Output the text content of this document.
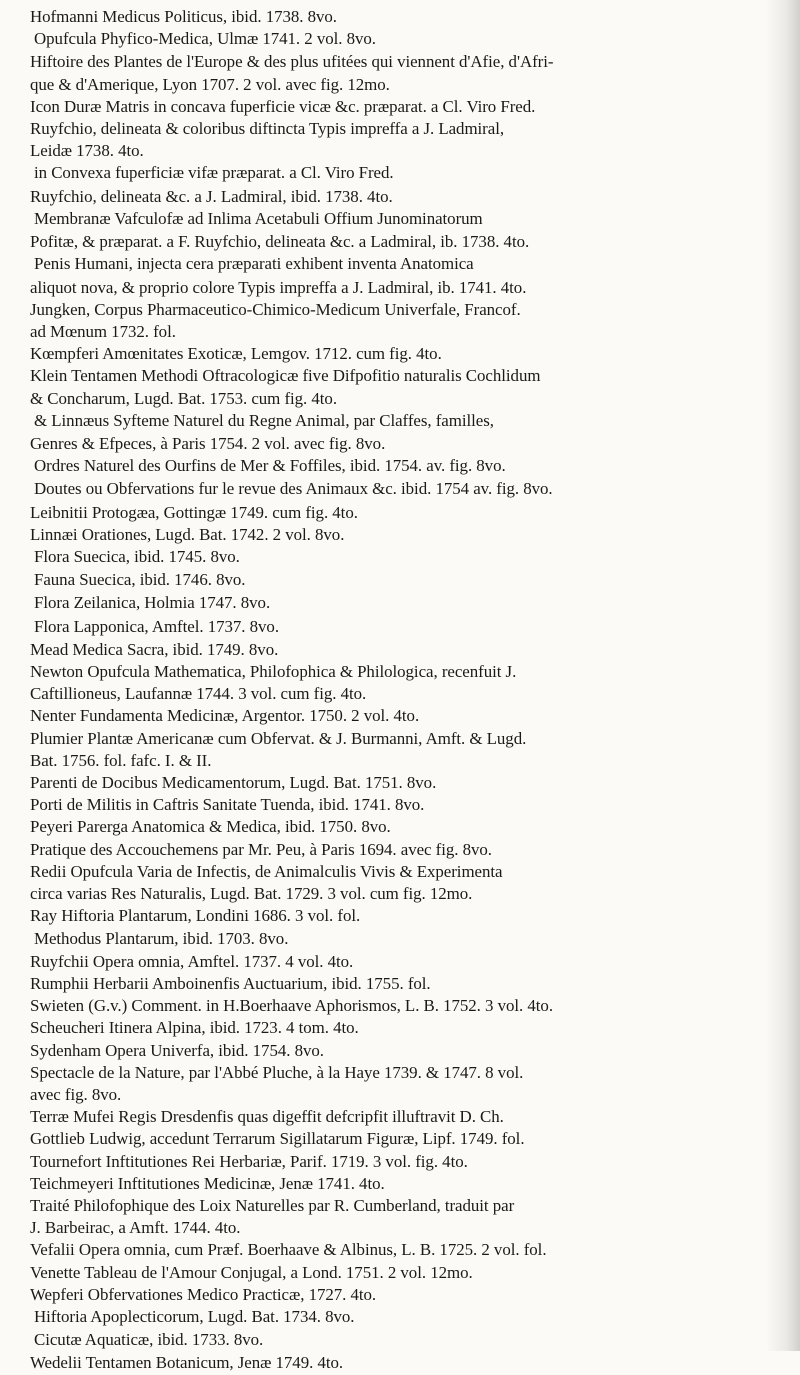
Hofmanni Medicus Politicus, ibid. 1738. 8vo.

Opufcula Phyfico-Medica, Ulmæ 1741. 2 vol. 8vo.

Hiftoire des Plantes de l'Europe & des plus ufitées qui viennent d'Afie, d'Afri-

que & d'Amerique, Lyon 1707. 2 vol. avec fig. 12mo.

Icon Duræ Matris in concava fuperficie vicæ &c. præparat. a Cl. Viro Fred.

Ruyfchio, delineata & coloribus diftincta Typis impreffa a J. Ladmiral,

Leidæ 1738. 4to.

in Convexa fuperficiæ vifæ præparat. a Cl. Viro Fred.

Ruyfchio, delineata &c. a J. Ladmiral, ibid. 1738. 4to.

Membranæ Vafculofæ ad Inlima Acetabuli Offium Junominatorum

Pofitæ, & præparat. a F. Ruyfchio, delineata &c. a Ladmiral, ib. 1738. 4to.

Penis Humani, injecta cera præparati exhibent inventa Anatomica

aliquot nova, & proprio colore Typis impreffa a J. Ladmiral, ib. 1741. 4to.

Jungken, Corpus Pharmaceutico-Chimico-Medicum Univerfale, Francof.

ad Mœnum 1732. fol.

Kœmpferi Amœnitates Exoticæ, Lemgov. 1712. cum fig. 4to.

Klein Tentamen Methodi Oftracologicæ five Difpofitio naturalis Cochlidum

& Concharum, Lugd. Bat. 1753. cum fig. 4to.

& Linnæus Syfteme Naturel du Regne Animal, par Claffes, familles,

Genres & Efpeces, à Paris 1754. 2 vol. avec fig. 8vo.

Ordres Naturel des Ourfins de Mer & Foffiles, ibid. 1754. av. fig. 8vo.

Doutes ou Obfervations fur le revue des Animaux &c. ibid. 1754 av. fig. 8vo.

Leibnitii Protogæa, Gottingæ 1749. cum fig. 4to.

Linnæi Orationes, Lugd. Bat. 1742. 2 vol. 8vo.

Flora Suecica, ibid. 1745. 8vo.

Fauna Suecica, ibid. 1746. 8vo.

Flora Zeilanica, Holmia 1747. 8vo.

Flora Lapponica, Amftel. 1737. 8vo.

Mead Medica Sacra, ibid. 1749. 8vo.

Newton Opufcula Mathematica, Philofophica & Philologica, recenfuit J.

Caftillioneus, Laufannæ 1744. 3 vol. cum fig. 4to.

Nenter Fundamenta Medicinæ, Argentor. 1750. 2 vol. 4to.

Plumier Plantæ Americanæ cum Obfervat. & J. Burmanni, Amft. & Lugd.

Bat. 1756. fol. fafc. I. & II.

Parenti de Docibus Medicamentorum, Lugd. Bat. 1751. 8vo.

Porti de Militis in Caftris Sanitate Tuenda, ibid. 1741. 8vo.

Peyeri Parerga Anatomica & Medica, ibid. 1750. 8vo.

Pratique des Accouchemens par Mr. Peu, à Paris 1694. avec fig. 8vo.

Redii Opufcula Varia de Infectis, de Animalculis Vivis & Experimenta

circa varias Res Naturalis, Lugd. Bat. 1729. 3 vol. cum fig. 12mo.

Ray Hiftoria Plantarum, Londini 1686. 3 vol. fol.

Methodus Plantarum, ibid. 1703. 8vo.

Ruyfchii Opera omnia, Amftel. 1737. 4 vol. 4to.

Rumphii Herbarii Amboinenfis Auctuarium, ibid. 1755. fol.

Swieten (G.v.) Comment. in H.Boerhaave Aphorismos, L. B. 1752. 3 vol. 4to.

Scheucheri Itinera Alpina, ibid. 1723. 4 tom. 4to.

Sydenham Opera Univerfa, ibid. 1754. 8vo.

Spectacle de la Nature, par l'Abbé Pluche, à la Haye 1739. & 1747. 8 vol.

avec fig. 8vo.

Terræ Mufei Regis Dresdenfis quas digeffit defcripfit illuftravit D. Ch.

Gottlieb Ludwig, accedunt Terrarum Sigillatarum Figuræ, Lipf. 1749. fol.

Tournefort Inftitutiones Rei Herbariæ, Parif. 1719. 3 vol. fig. 4to.

Teichmeyeri Inftitutiones Medicinæ, Jenæ 1741. 4to.

Traité Philofophique des Loix Naturelles par R. Cumberland, traduit par

J. Barbeirac, a Amft. 1744. 4to.

Vefalii Opera omnia, cum Præf. Boerhaave & Albinus, L. B. 1725. 2 vol. fol.

Venette Tableau de l'Amour Conjugal, a Lond. 1751. 2 vol. 12mo.

Wepferi Obfervationes Medico Practicæ, 1727. 4to.

Hiftoria Apoplecticorum, Lugd. Bat. 1734. 8vo.

Cicutæ Aquaticæ, ibid. 1733. 8vo.

Wedelii Tentamen Botanicum, Jenæ 1749. 4to.
